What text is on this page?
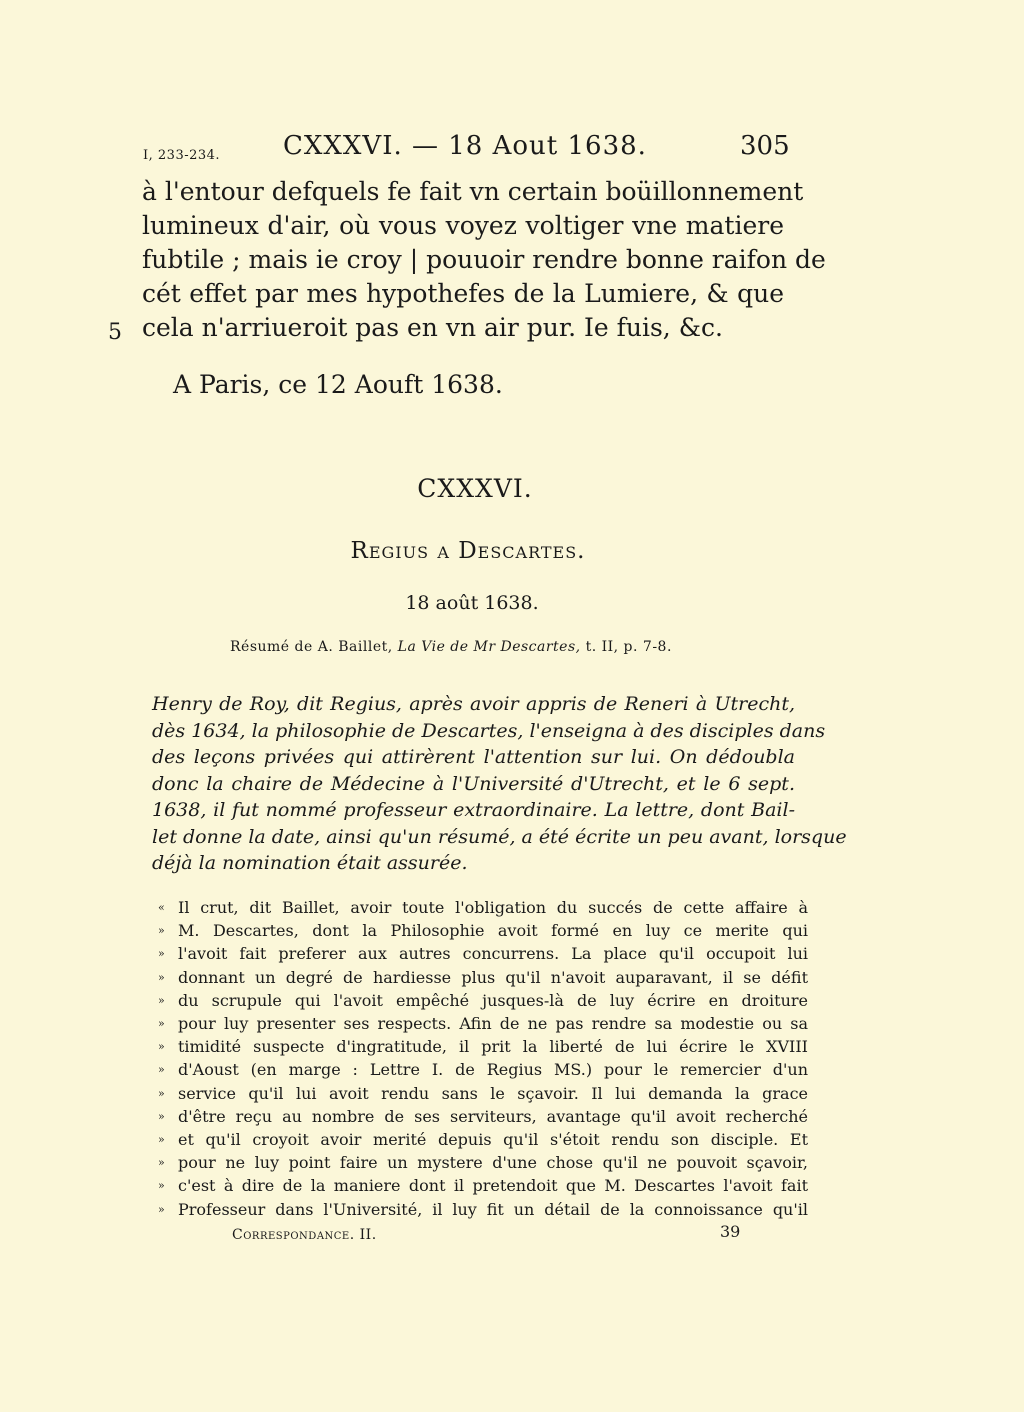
I, 233-234. CXXXVI. — 18 Aout 1638.	305
à l'entour defquels fe fait vn certain boüillonnement
lumineux d'air, où vous voyez voltiger vne matiere
fubtile ; mais ie croy | pouuoir rendre bonne raifon de
cét effet par mes hypothefes de la Lumiere, & que
cela n'arriueroit pas en vn air pur. Ie fuis, &c.
5
A Paris, ce 12 Aouft 1638.
CXXXVI.
Regius a Descartes.
18 août 1638.
Résumé de A. Baillet, La Vie de Mr Descartes, t. II, p. 7-8.
Henry de Roy, dit Regius, après avoir appris de Reneri à Utrecht,
dès 1634, la philosophie de Descartes, l'enseigna à des disciples dans
des leçons privées qui attirèrent l'attention sur lui. On dédoubla
donc la chaire de Médecine à l'Université d'Utrecht, et le 6 sept.
1638, il fut nommé professeur extraordinaire. La lettre, dont Bail-
let donne la date, ainsi qu'un résumé, a été écrite un peu avant, lorsque
déjà la nomination était assurée.
« Il crut, dit Baillet, avoir toute l'obligation du succés de cette affaire à
» M. Descartes, dont la Philosophie avoit formé en luy ce merite qui
» l'avoit fait preferer aux autres concurrens. La place qu'il occupoit lui
» donnant un degré de hardiesse plus qu'il n'avoit auparavant, il se défit
» du scrupule qui l'avoit empêché jusques-là de luy écrire en droiture
» pour luy presenter ses respects. Afin de ne pas rendre sa modestie ou sa
» timidité suspecte d'ingratitude, il prit la liberté de lui écrire le XVIII
» d'Aoust (en marge : Lettre I. de Regius MS.) pour le remercier d'un
» service qu'il lui avoit rendu sans le sçavoir. Il lui demanda la grace
» d'être reçu au nombre de ses serviteurs, avantage qu'il avoit recherché
» et qu'il croyoit avoir merité depuis qu'il s'étoit rendu son disciple. Et
» pour ne luy point faire un mystere d'une chose qu'il ne pouvoit sçavoir,
» c'est à dire de la maniere dont il pretendoit que M. Descartes l'avoit fait
» Professeur dans l'Université, il luy fit un détail de la connoissance qu'il
Correspondance. II.	39
